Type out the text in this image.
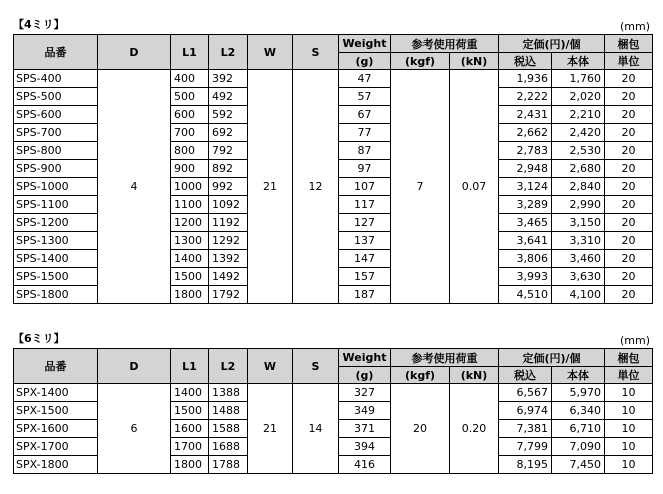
【4ミリ】	(mm)
品番	D	L1	L2	W	S	Weight	参考使用荷重		定価(円)/個		梱包
						(g)	(kgf)	(kN)	税込	本体	単位
SPS-400	4	400	392	21	12	47	7	0.07	1,936	1,760	20
SPS-500		500	492			57			2,222	2,020	20
SPS-600		600	592			67			2,431	2,210	20
SPS-700		700	692			77			2,662	2,420	20
SPS-800		800	792			87			2,783	2,530	20
SPS-900		900	892			97			2,948	2,680	20
SPS-1000		1000	992			107			3,124	2,840	20
SPS-1100		1100	1092			117			3,289	2,990	20
SPS-1200		1200	1192			127			3,465	3,150	20
SPS-1300		1300	1292			137			3,641	3,310	20
SPS-1400		1400	1392			147			3,806	3,460	20
SPS-1500		1500	1492			157			3,993	3,630	20
SPS-1800		1800	1792			187			4,510	4,100	20
【6ミリ】	(mm)
品番	D	L1	L2	W	S	Weight	参考使用荷重		定価(円)/個		梱包
						(g)	(kgf)	(kN)	税込	本体	単位
SPX-1400	6	1400	1388	21	14	327	20	0.20	6,567	5,970	10
SPX-1500		1500	1488			349			6,974	6,340	10
SPX-1600		1600	1588			371			7,381	6,710	10
SPX-1700		1700	1688			394			7,799	7,090	10
SPX-1800		1800	1788			416			8,195	7,450	10
